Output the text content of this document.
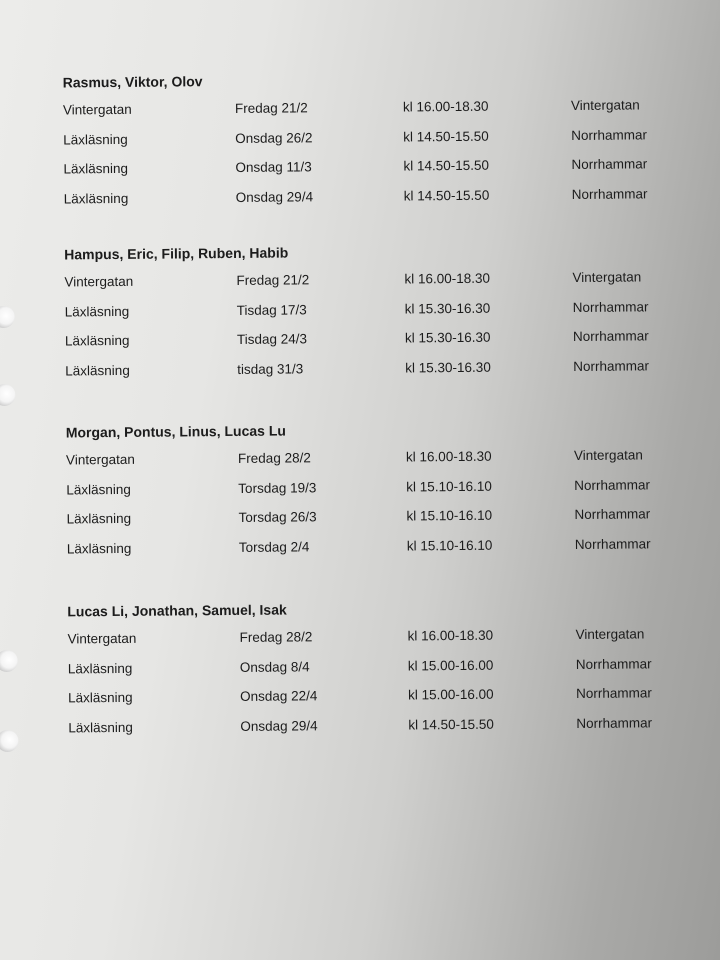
Rasmus, Viktor, Olov
Vintergatan	Fredag 21/2	kl 16.00-18.30	Vintergatan
Läxläsning	Onsdag 26/2	kl 14.50-15.50	Norrhammar
Läxläsning	Onsdag 11/3	kl 14.50-15.50	Norrhammar
Läxläsning	Onsdag 29/4	kl 14.50-15.50	Norrhammar
Hampus, Eric, Filip, Ruben, Habib
Vintergatan	Fredag 21/2	kl 16.00-18.30	Vintergatan
Läxläsning	Tisdag 17/3	kl 15.30-16.30	Norrhammar
Läxläsning	Tisdag 24/3	kl 15.30-16.30	Norrhammar
Läxläsning	tisdag 31/3	kl 15.30-16.30	Norrhammar
Morgan, Pontus, Linus, Lucas Lu
Vintergatan	Fredag 28/2	kl 16.00-18.30	Vintergatan
Läxläsning	Torsdag 19/3	kl 15.10-16.10	Norrhammar
Läxläsning	Torsdag 26/3	kl 15.10-16.10	Norrhammar
Läxläsning	Torsdag 2/4	kl 15.10-16.10	Norrhammar
Lucas Li, Jonathan, Samuel, Isak
Vintergatan	Fredag 28/2	kl 16.00-18.30	Vintergatan
Läxläsning	Onsdag 8/4	kl 15.00-16.00	Norrhammar
Läxläsning	Onsdag 22/4	kl 15.00-16.00	Norrhammar
Läxläsning	Onsdag 29/4	kl 14.50-15.50	Norrhammar
